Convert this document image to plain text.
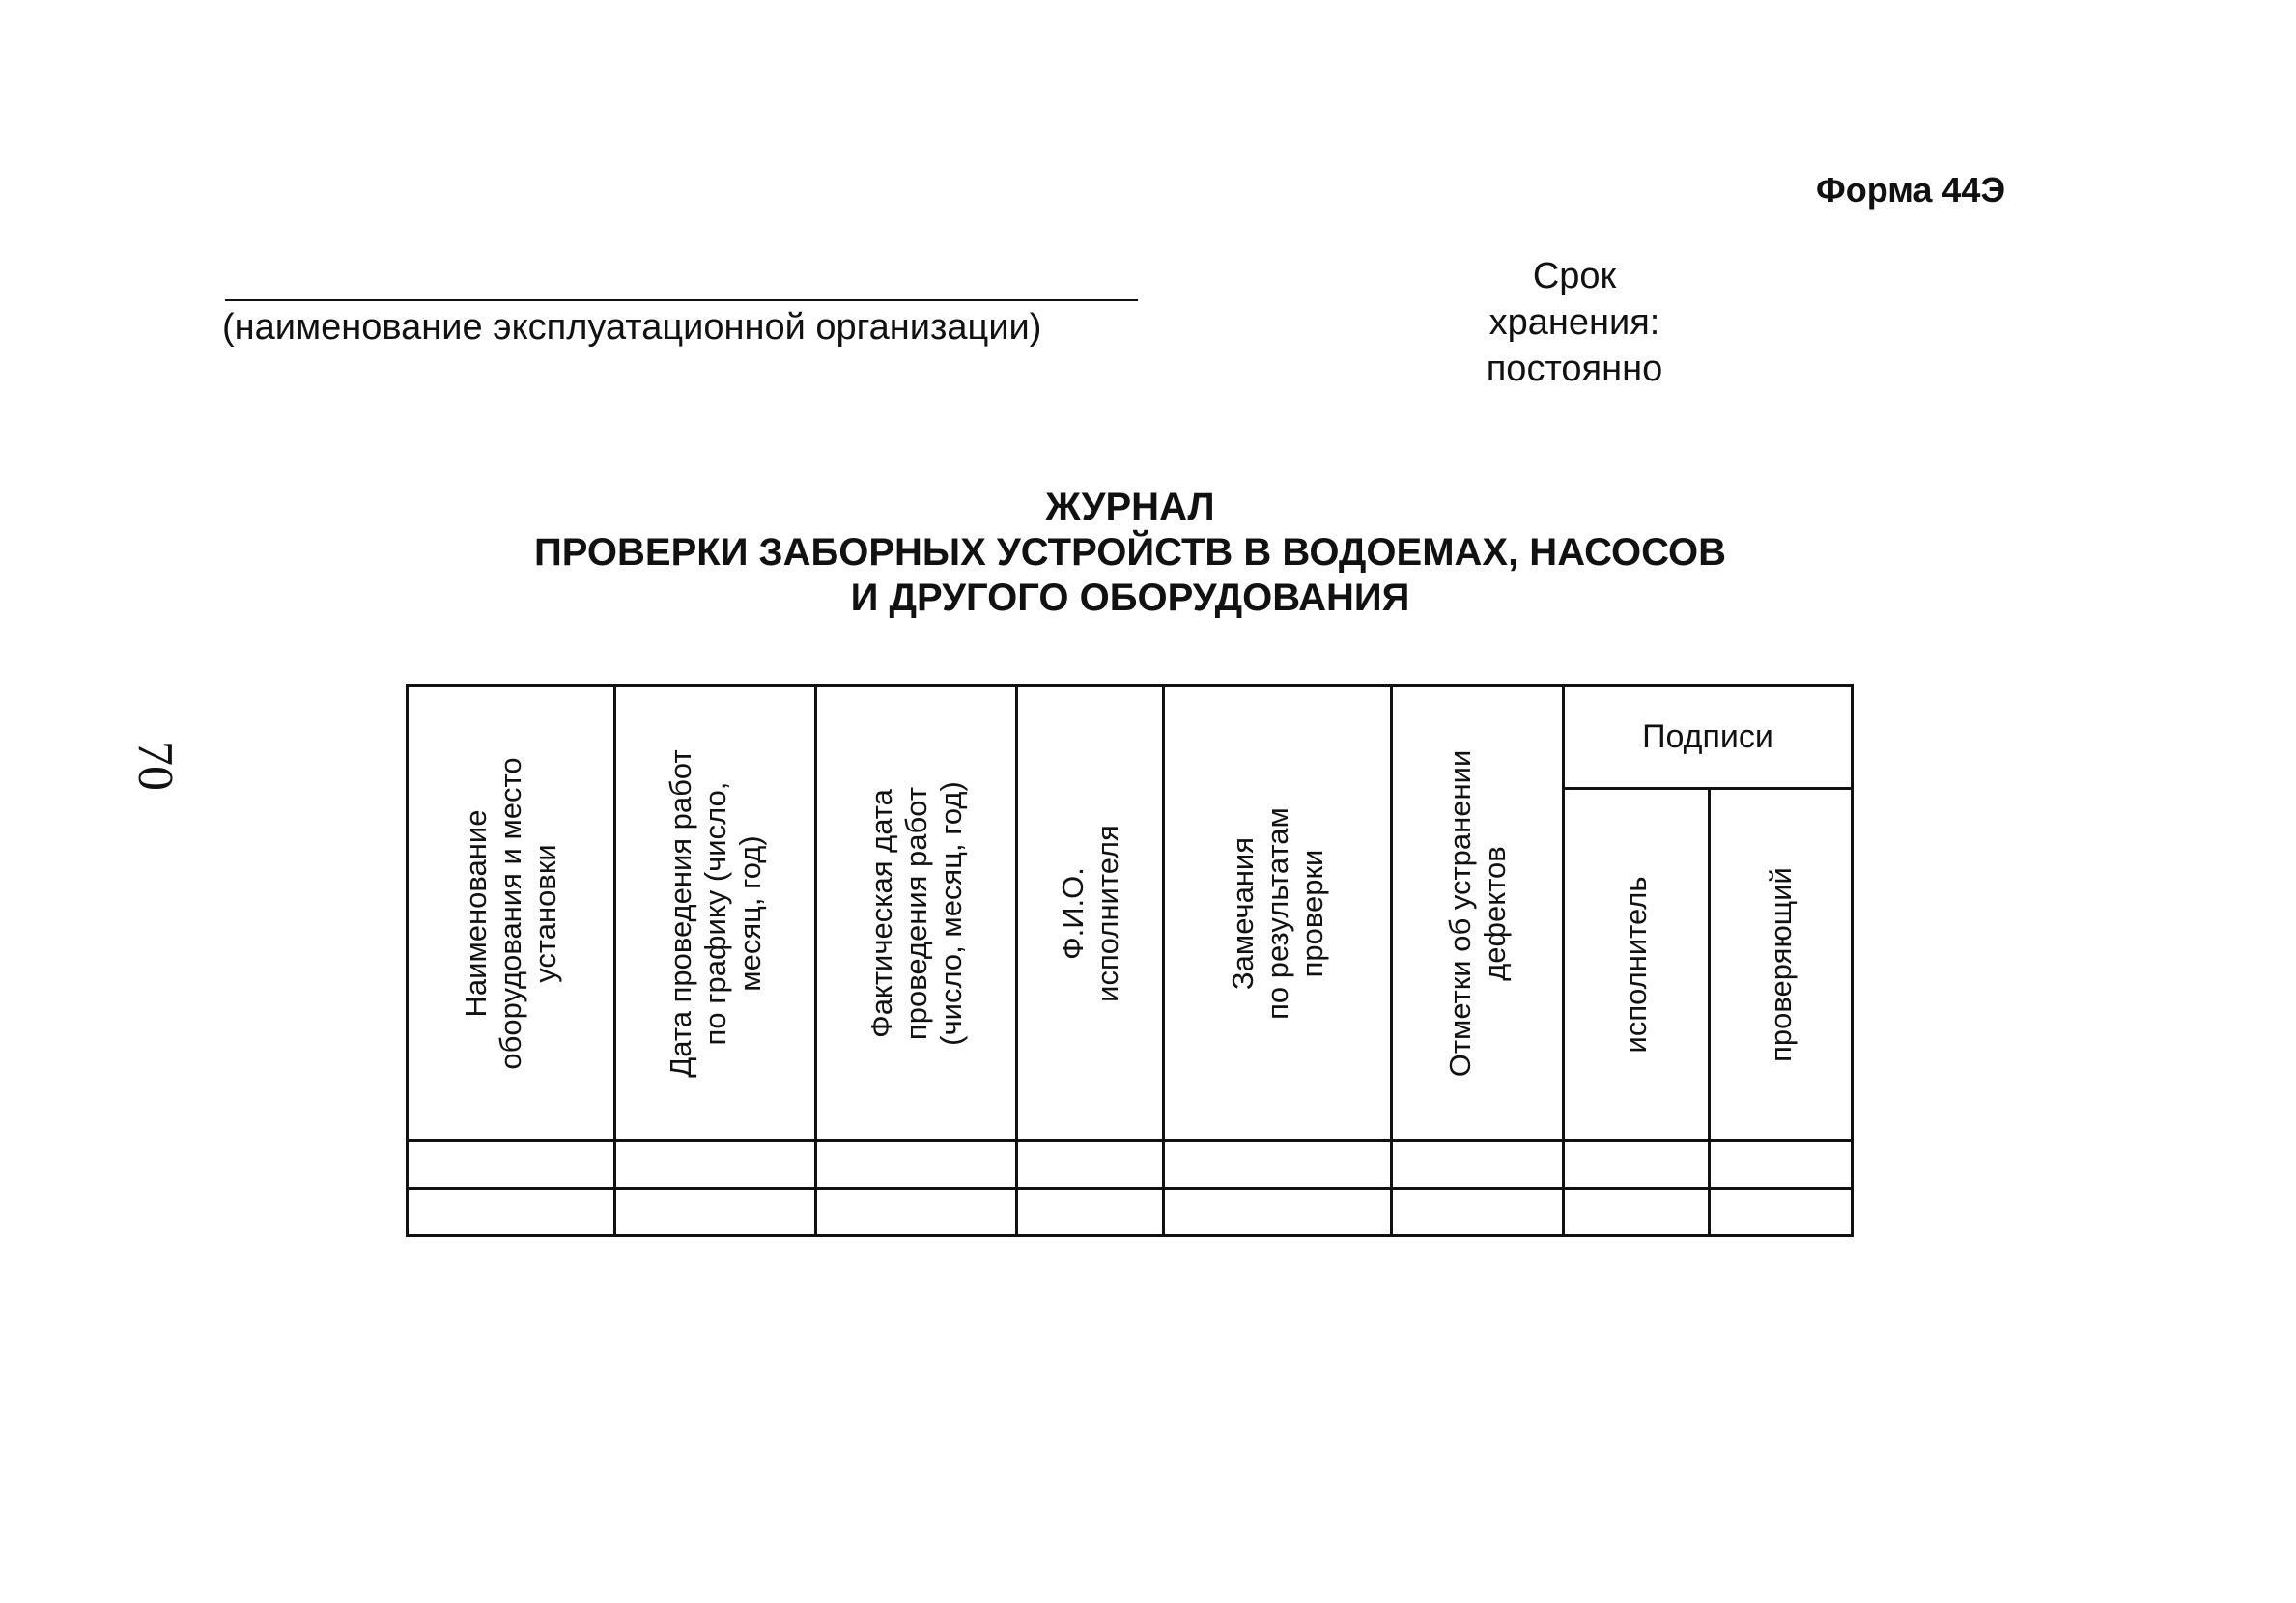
Форма 44Э
(наименование эксплуатационной организации)
Срок
хранения:
постоянно
70
ЖУРНАЛ
ПРОВЕРКИ ЗАБОРНЫХ УСТРОЙСТВ В ВОДОЕМАХ, НАСОСОВ
И ДРУГОГО ОБОРУДОВАНИЯ
Наименование
оборудования и место
установки	Дата проведения работ
по графику (число,
месяц, год)	Фактическая дата
проведения работ
(число, месяц, год)	Ф.И.О.
исполнителя	Замечания
по результатам
проверки	Отметки об устранении
дефектов	Подписи	

						исполнитель	проверяющий
